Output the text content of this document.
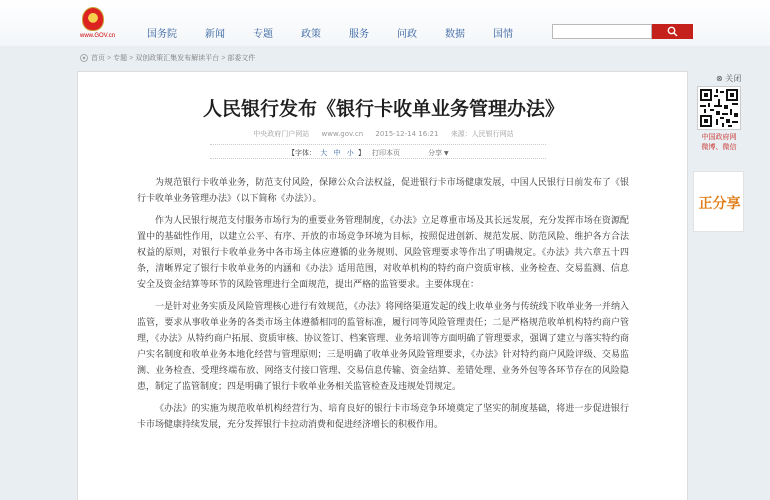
www.GOV.cn	国务院	新闻	专题	政策	服务	问政	数据	国情
首页 > 专题 > 双创政策汇集发布解读平台 > 部委文件
人民银行发布《银行卡收单业务管理办法》
中央政府门户网站 www.gov.cn 2015-12-14 16:21 来源：人民银行网站
【字体： 大 中 小 】 打印本页	分享 ▼

为规范银行卡收单业务，防范支付风险，保障公众合法权益，促进银行卡市场健康发展，中国人民银行日前发布了《银行卡收单业务管理办法》（以下简称《办法》）。

作为人民银行规范支付服务市场行为的重要业务管理制度，《办法》立足尊重市场及其长远发展，充分发挥市场在资源配置中的基础性作用，以建立公平、有序、开放的市场竞争环境为目标，按照促进创新、规范发展、防范风险、维护各方合法权益的原则，对银行卡收单业务中各市场主体应遵循的业务规则、风险管理要求等作出了明确规定。《办法》共六章五十四条，清晰界定了银行卡收单业务的内涵和《办法》适用范围，对收单机构的特约商户资质审核、业务检查、交易监测、信息安全及资金结算等环节的风险管理进行全面规范，提出严格的监管要求。主要体现在：

一是针对业务实质及风险管理核心进行有效规范，《办法》将网络渠道发起的线上收单业务与传统线下收单业务一并纳入监管，要求从事收单业务的各类市场主体遵循相同的监管标准，履行同等风险管理责任；二是严格规范收单机构特约商户管理，《办法》从特约商户拓展、资质审核、协议签订、档案管理、业务培训等方面明确了管理要求，强调了建立与落实特约商户实名制度和收单业务本地化经营与管理原则；三是明确了收单业务风险管理要求，《办法》针对特约商户风险评级、交易监测、业务检查、受理终端布放、网络支付接口管理、交易信息传输、资金结算、差错处理、业务外包等各环节存在的风险隐患，制定了监管制度；四是明确了银行卡收单业务相关监管检查及违规处罚规定。

《办法》的实施为规范收单机构经营行为、培育良好的银行卡市场竞争环境奠定了坚实的制度基础，将进一步促进银行卡市场健康持续发展，充分发挥银行卡拉动消费和促进经济增长的积极作用。

⊗ 关闭
中国政府网
微博、微信
正分享
